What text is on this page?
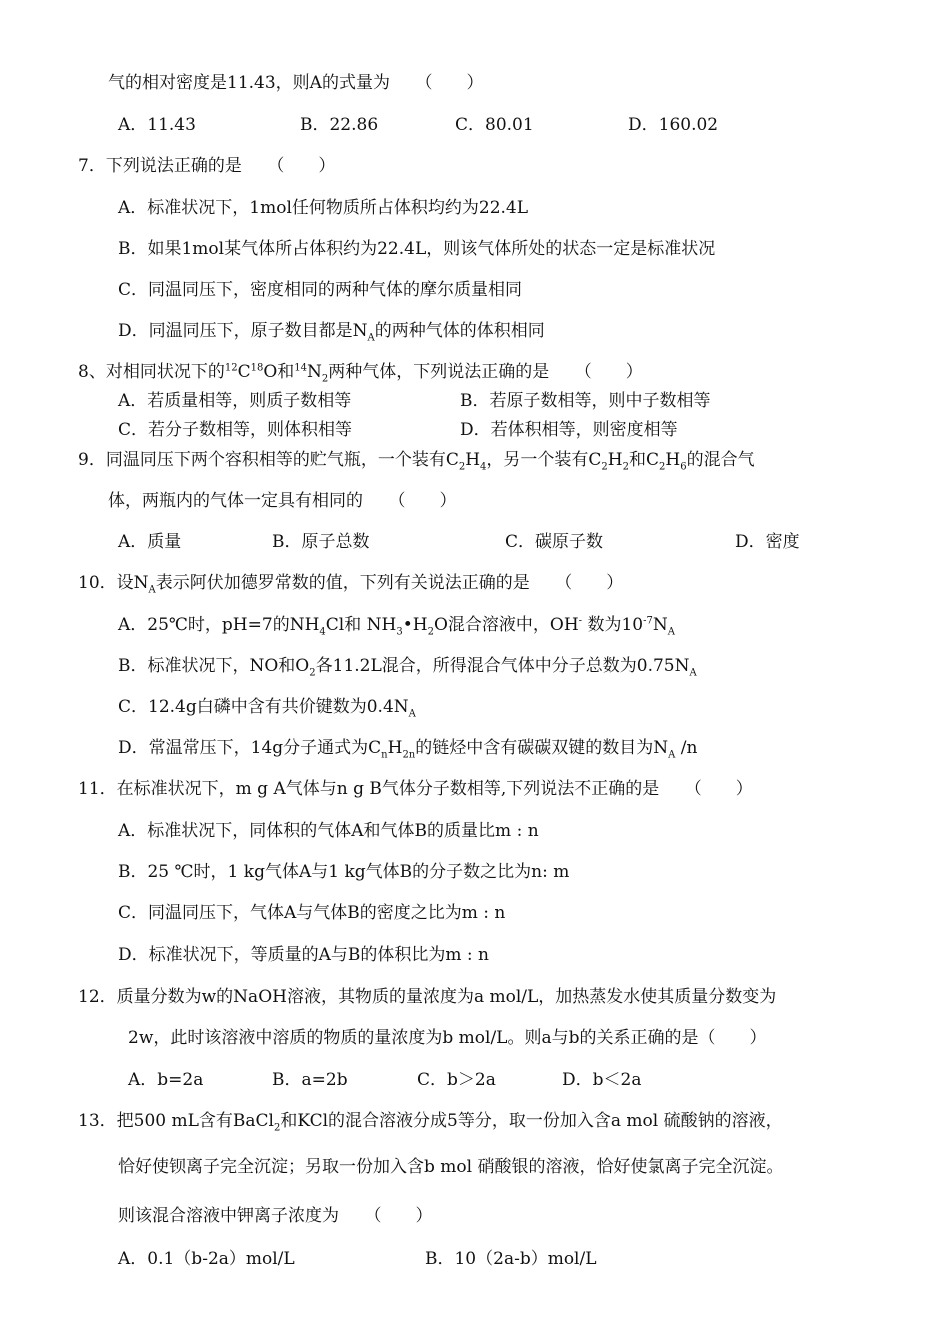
气的相对密度是11.43，则A的式量为　　（　　）
A．11.43	B．22.86	C．80.01	D．160.02
7．下列说法正确的是　　（　　）
A．标准状况下，1mol任何物质所占体积均约为22.4L
B．如果1mol某气体所占体积约为22.4L，则该气体所处的状态一定是标准状况
C．同温同压下，密度相同的两种气体的摩尔质量相同
D．同温同压下，原子数目都是$N_A$的两种气体的体积相同
8、对相同状况下的$^{12}C^{18}O$和$^{14}N_2$两种气体，下列说法正确的是　　（　　）
A．若质量相等，则质子数相等	B．若原子数相等，则中子数相等
C．若分子数相等，则体积相等	D．若体积相等，则密度相等
9．同温同压下两个容积相等的贮气瓶，一个装有$C_2H_4$，另一个装有$C_2H_2$和$C_2H_6$的混合气
体，两瓶内的气体一定具有相同的　　（　　）
A．质量	B．原子总数	C．碳原子数	D．密度
10．设$N_A$表示阿伏加德罗常数的值，下列有关说法正确的是　　（　　）
A．25℃时，pH=7的$NH_4Cl$和 $NH_3•H_2O$混合溶液中，OH- 数为$10^{-7}N_A$
B．标准状况下，NO和$O_2$各11.2L混合，所得混合气体中分子总数为$0.75N_A$
C．12.4g白磷中含有共价键数为$0.4N_A$
D．常温常压下，14g分子通式为$C_nH_{2n}$的链烃中含有碳碳双键的数目为$N_A$ /n
11．在标准状况下，m g A气体与n g B气体分子数相等,下列说法不正确的是　　（　　）
A．标准状况下，同体积的气体A和气体B的质量比m : n
B．25 ℃时，1 kg气体A与1 kg气体B的分子数之比为n: m
C．同温同压下，气体A与气体B的密度之比为m : n
D．标准状况下，等质量的A与B的体积比为m : n
12．质量分数为w的NaOH溶液，其物质的量浓度为a mol/L，加热蒸发水使其质量分数变为
2w，此时该溶液中溶质的物质的量浓度为b mol/L。则a与b的关系正确的是（　　）
A．b=2a	B．a=2b	C．b＞2a	D．b＜2a
13．把500 mL含有BaCl$_2$和KCl的混合溶液分成5等分，取一份加入含a mol 硫酸钠的溶液，
恰好使钡离子完全沉淀；另取一份加入含b mol 硝酸银的溶液，恰好使氯离子完全沉淀。
则该混合溶液中钾离子浓度为　　（　　）
A．0.1（b-2a）mol/L	B．10（2a-b）mol/L
